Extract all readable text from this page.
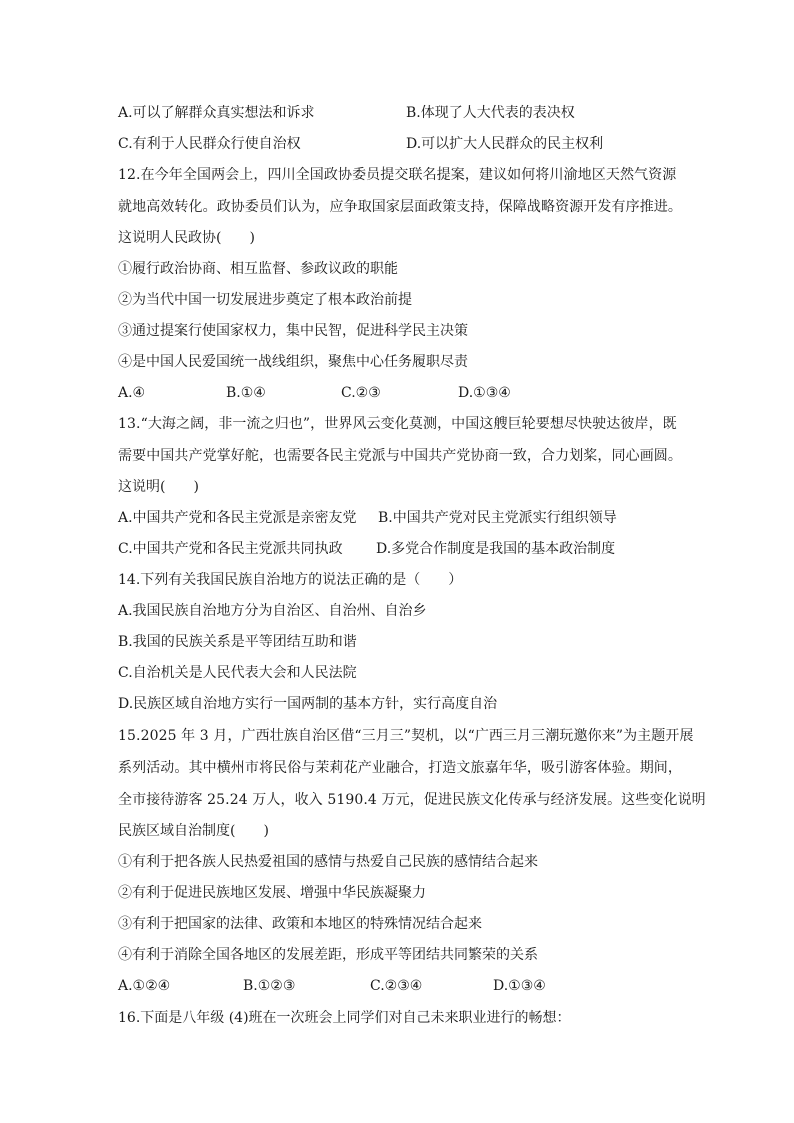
A.可以了解群众真实想法和诉求	B.体现了人大代表的表决权
C.有利于人民群众行使自治权	D.可以扩大人民群众的民主权利
12.在今年全国两会上，四川全国政协委员提交联名提案，建议如何将川渝地区天然气资源
就地高效转化。政协委员们认为，应争取国家层面政策支持，保障战略资源开发有序推进。
这说明人民政协(　　)
①履行政治协商、相互监督、参政议政的职能
②为当代中国一切发展进步奠定了根本政治前提
③通过提案行使国家权力，集中民智，促进科学民主决策
④是中国人民爱国统一战线组织，聚焦中心任务履职尽责
A.④	B.①④	C.②③	D.①③④
13.“大海之阔，非一流之归也”，世界风云变化莫测，中国这艘巨轮要想尽快驶达彼岸，既
需要中国共产党掌好舵，也需要各民主党派与中国共产党协商一致，合力划桨，同心画圆。
这说明(　　)
A.中国共产党和各民主党派是亲密友党 B.中国共产党对民主党派实行组织领导
C.中国共产党和各民主党派共同执政 D.多党合作制度是我国的基本政治制度
14.下列有关我国民族自治地方的说法正确的是（　　）
A.我国民族自治地方分为自治区、自治州、自治乡
B.我国的民族关系是平等团结互助和谐
C.自治机关是人民代表大会和人民法院
D.民族区域自治地方实行一国两制的基本方针，实行高度自治
15.2025 年 3 月，广西壮族自治区借“三月三”契机，以“广西三月三潮玩邀你来”为主题开展
系列活动。其中横州市将民俗与茉莉花产业融合，打造文旅嘉年华，吸引游客体验。期间，
全市接待游客 25.24 万人，收入 5190.4 万元，促进民族文化传承与经济发展。这些变化说明
民族区域自治制度(　　)
①有利于把各族人民热爱祖国的感情与热爱自己民族的感情结合起来
②有利于促进民族地区发展、增强中华民族凝聚力
③有利于把国家的法律、政策和本地区的特殊情况结合起来
④有利于消除全国各地区的发展差距，形成平等团结共同繁荣的关系
A.①②④	B.①②③	C.②③④	D.①③④
16.下面是八年级 (4)班在一次班会上同学们对自己未来职业进行的畅想：
